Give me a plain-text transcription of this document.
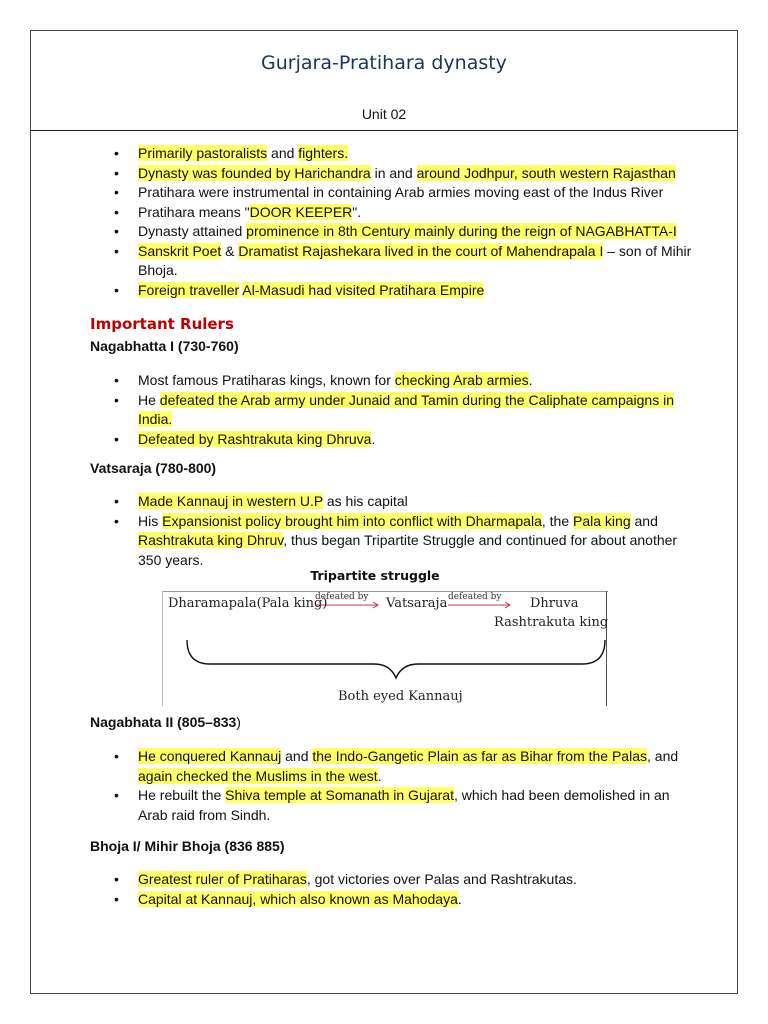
Gurjara-Pratihara dynasty
Unit 02
• Primarily pastoralists and fighters.
• Dynasty was founded by Harichandra in and around Jodhpur, south western Rajasthan
• Pratihara were instrumental in containing Arab armies moving east of the Indus River
• Pratihara means "DOOR KEEPER".
• Dynasty attained prominence in 8th Century mainly during the reign of NAGABHATTA-I
• Sanskrit Poet & Dramatist Rajashekara lived in the court of Mahendrapala I – son of Mihir Bhoja.
• Foreign traveller Al-Masudi had visited Pratihara Empire
Important Rulers
Nagabhatta I (730-760)
• Most famous Pratiharas kings, known for checking Arab armies.
• He defeated the Arab army under Junaid and Tamin during the Caliphate campaigns in India.
• Defeated by Rashtrakuta king Dhruva.
Vatsaraja (780-800)
• Made Kannauj in western U.P as his capital
• His Expansionist policy brought him into conflict with Dharmapala, the Pala king and Rashtrakuta king Dhruv, thus began Tripartite Struggle and continued for about another 350 years.
Tripartite struggle
Dharamapala(Pala king)
defeated by Vatsaraja defeated by Dhruva
Rashtrakuta king
Both eyed Kannauj
Nagabhata II (805–833)
• He conquered Kannauj and the Indo-Gangetic Plain as far as Bihar from the Palas, and again checked the Muslims in the west.
• He rebuilt the Shiva temple at Somanath in Gujarat, which had been demolished in an Arab raid from Sindh.
Bhoja I/ Mihir Bhoja (836 885)
• Greatest ruler of Pratiharas, got victories over Palas and Rashtrakutas.
• Capital at Kannauj, which also known as Mahodaya.
